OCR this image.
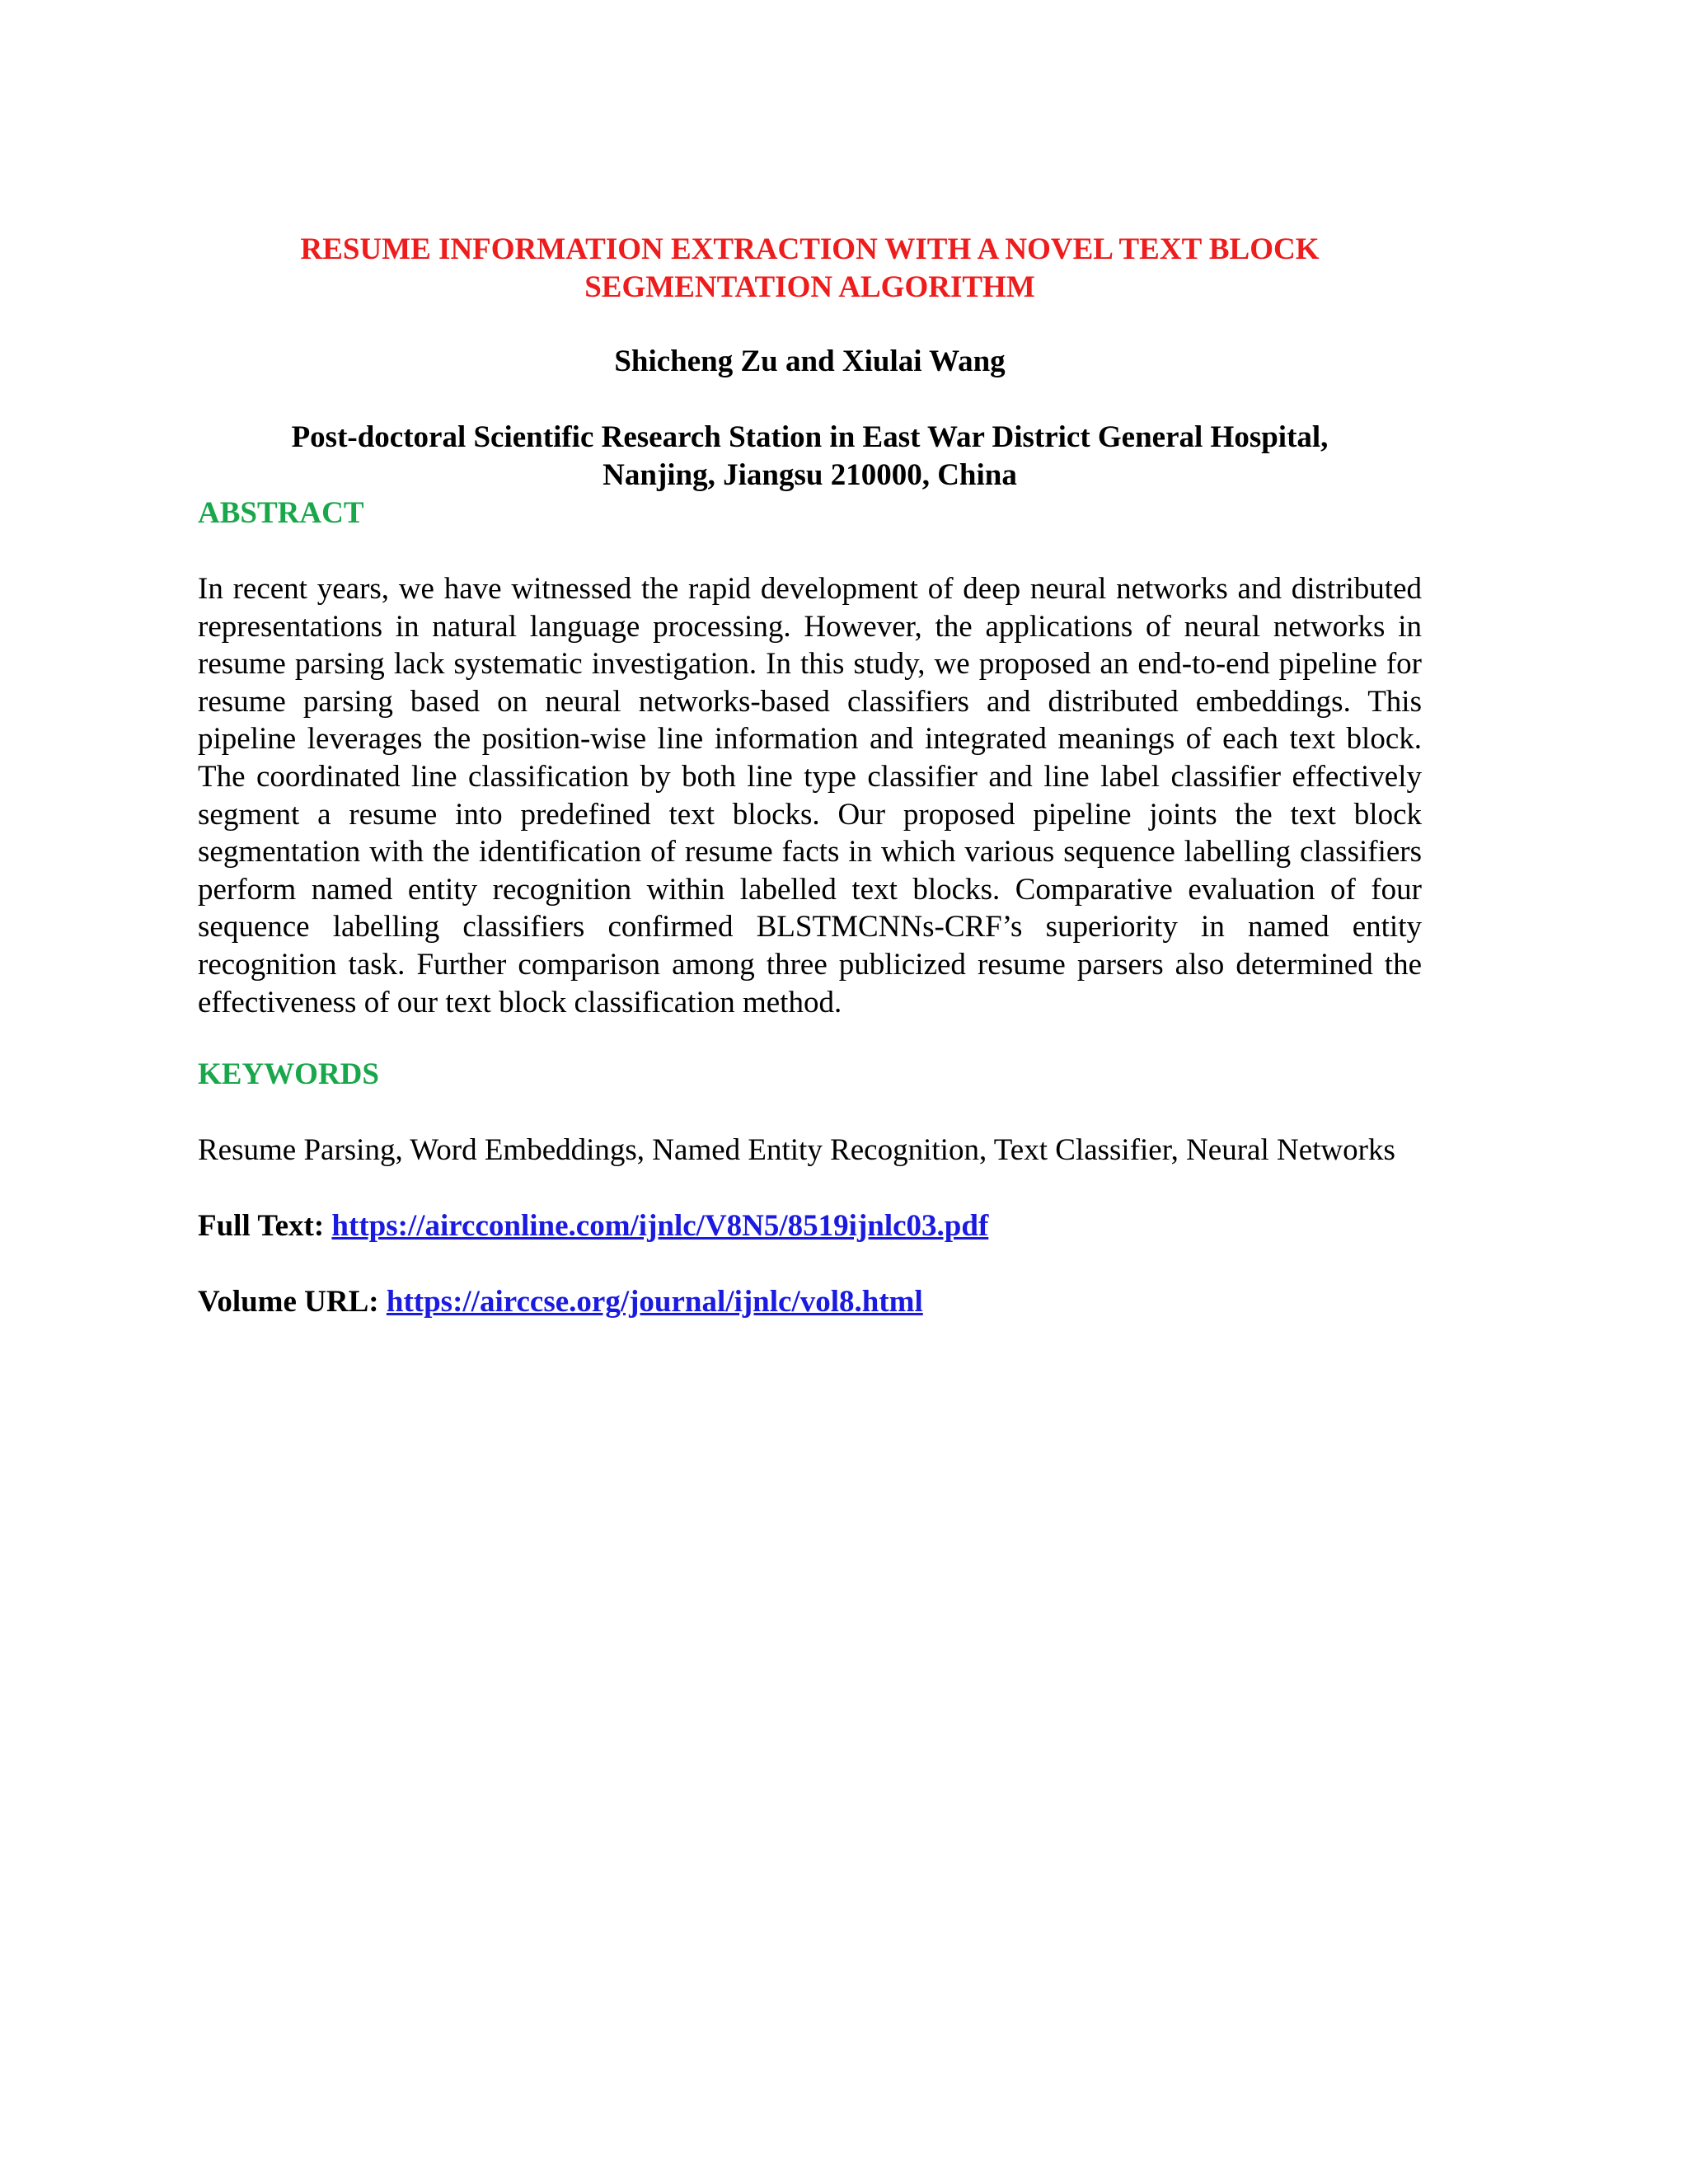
RESUME INFORMATION EXTRACTION WITH A NOVEL TEXT BLOCK
SEGMENTATION ALGORITHM

Shicheng Zu and Xiulai Wang

Post-doctoral Scientific Research Station in East War District General Hospital,
Nanjing, Jiangsu 210000, China

ABSTRACT

In recent years, we have witnessed the rapid development of deep neural networks and distributed representations in natural language processing. However, the applications of neural networks in resume parsing lack systematic investigation. In this study, we proposed an end-to-end pipeline for resume parsing based on neural networks-based classifiers and distributed embeddings. This pipeline leverages the position-wise line information and integrated meanings of each text block. The coordinated line classification by both line type classifier and line label classifier effectively segment a resume into predefined text blocks. Our proposed pipeline joints the text block segmentation with the identification of resume facts in which various sequence labelling classifiers perform named entity recognition within labelled text blocks. Comparative evaluation of four sequence labelling classifiers confirmed BLSTMCNNs-CRF’s superiority in named entity recognition task. Further comparison among three publicized resume parsers also determined the effectiveness of our text block classification method.

KEYWORDS

Resume Parsing, Word Embeddings, Named Entity Recognition, Text Classifier, Neural Networks

Full Text: https://aircconline.com/ijnlc/V8N5/8519ijnlc03.pdf

Volume URL: https://airccse.org/journal/ijnlc/vol8.html
